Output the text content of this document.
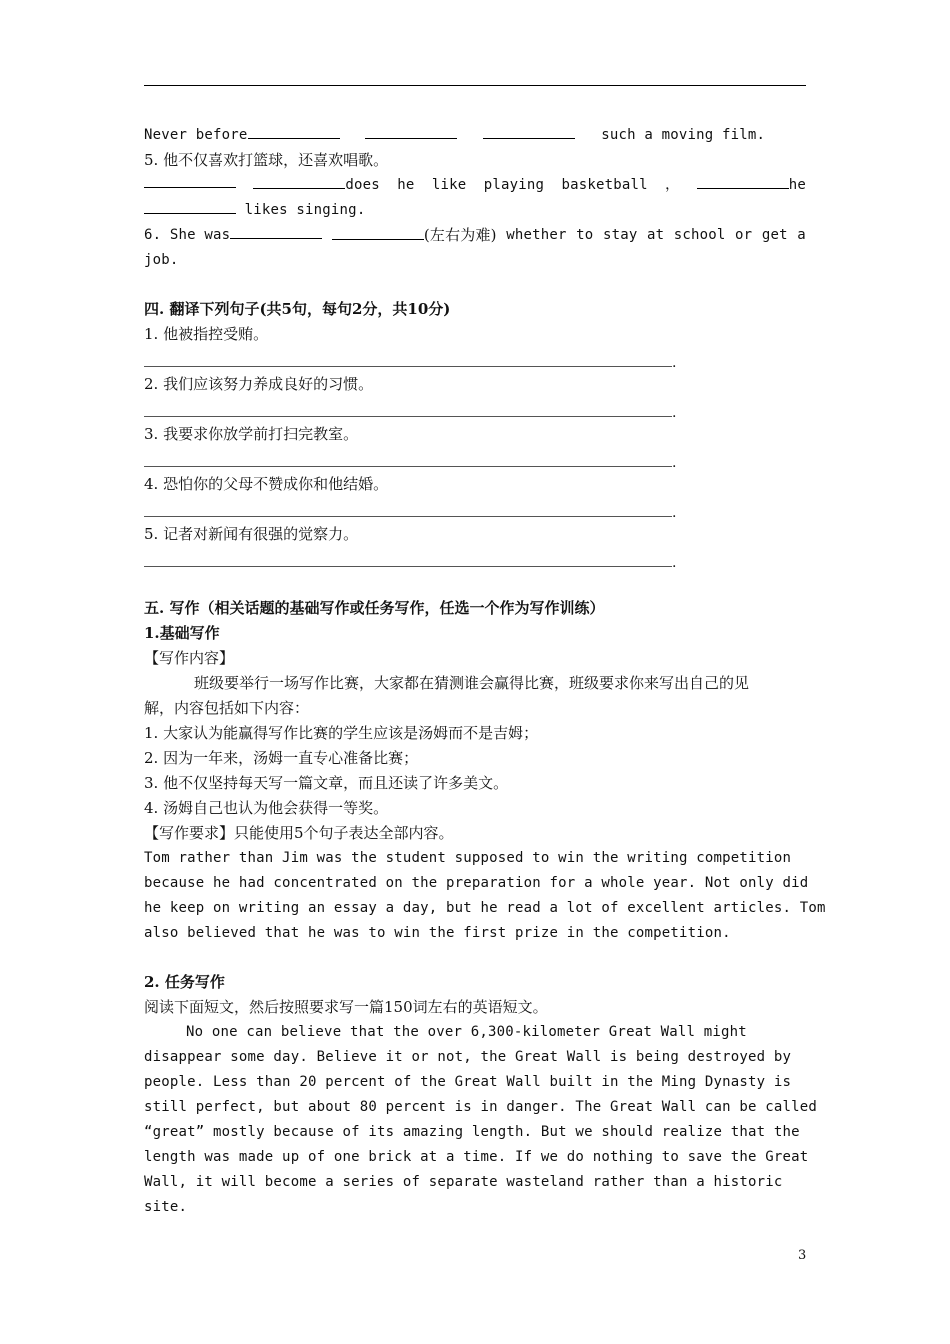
Never before	such a moving film.
5. 他不仅喜欢打篮球，还喜欢唱歌。
does he like playing basketball ，	he
likes singing.
6. She was	(左右为难) whether to stay at school or get a
job.
四. 翻译下列句子(共5句，每句2分，共10分)
1. 他被指控受贿。
.
2. 我们应该努力养成良好的习惯。
.
3. 我要求你放学前打扫完教室。
.
4. 恐怕你的父母不赞成你和他结婚。
.
5. 记者对新闻有很强的觉察力。
.
五. 写作（相关话题的基础写作或任务写作，任选一个作为写作训练）
1.基础写作
【写作内容】
班级要举行一场写作比赛，大家都在猜测谁会赢得比赛，班级要求你来写出自己的见
解，内容包括如下内容：
1. 大家认为能赢得写作比赛的学生应该是汤姆而不是吉姆；
2. 因为一年来，汤姆一直专心准备比赛；
3. 他不仅坚持每天写一篇文章，而且还读了许多美文。
4. 汤姆自己也认为他会获得一等奖。
【写作要求】只能使用5个句子表达全部内容。
Tom rather than Jim was the student supposed to win the writing competition
because he had concentrated on the preparation for a whole year. Not only did
he keep on writing an essay a day, but he read a lot of excellent articles. Tom
also believed that he was to win the first prize in the competition.
2. 任务写作
阅读下面短文，然后按照要求写一篇150词左右的英语短文。
No one can believe that the over 6,300-kilometer Great Wall might
disappear some day. Believe it or not, the Great Wall is being destroyed by
people. Less than 20 percent of the Great Wall built in the Ming Dynasty is
still perfect, but about 80 percent is in danger. The Great Wall can be called
“great” mostly because of its amazing length. But we should realize that the
length was made up of one brick at a time. If we do nothing to save the Great
Wall, it will become a series of separate wasteland rather than a historic
site.
3
